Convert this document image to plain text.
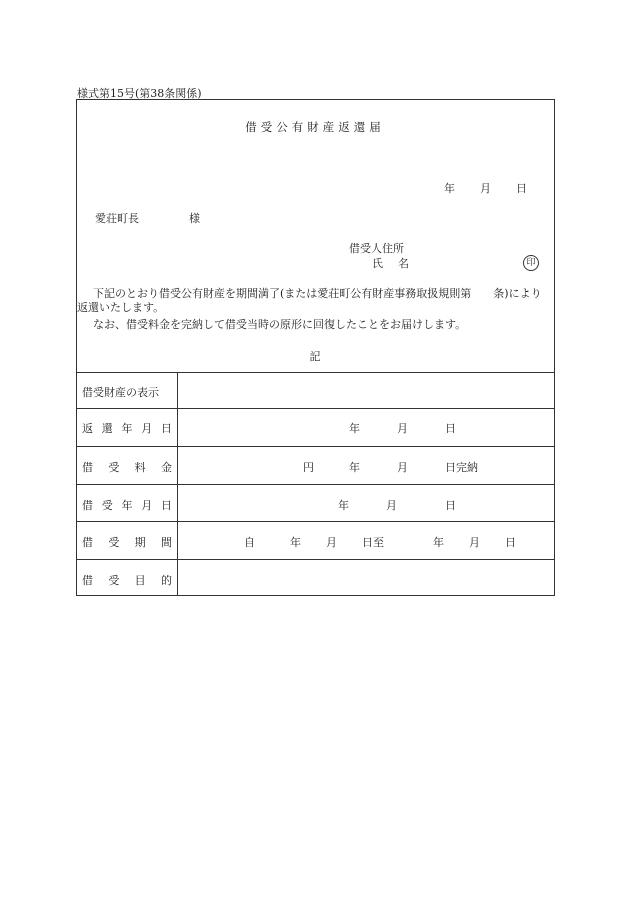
様式第15号(第38条関係)
借受公有財産返還届
年 月 日
愛荘町長	様
借受人住所
氏　名	印
下記のとおり借受公有財産を期間満了(または愛荘町公有財産事務取扱規則第　　条)により返還いたします。
なお、借受料金を完納して借受当時の原形に回復したことをお届けします。
記
借受財産の表示
返 還 年 月 日	年	月	日
借 受 料 金	円	年	月	日完納
借 受 年 月 日	年	月	日
借 受 期 間	自	年 月 日至	年 月 日
借 受 目 的
